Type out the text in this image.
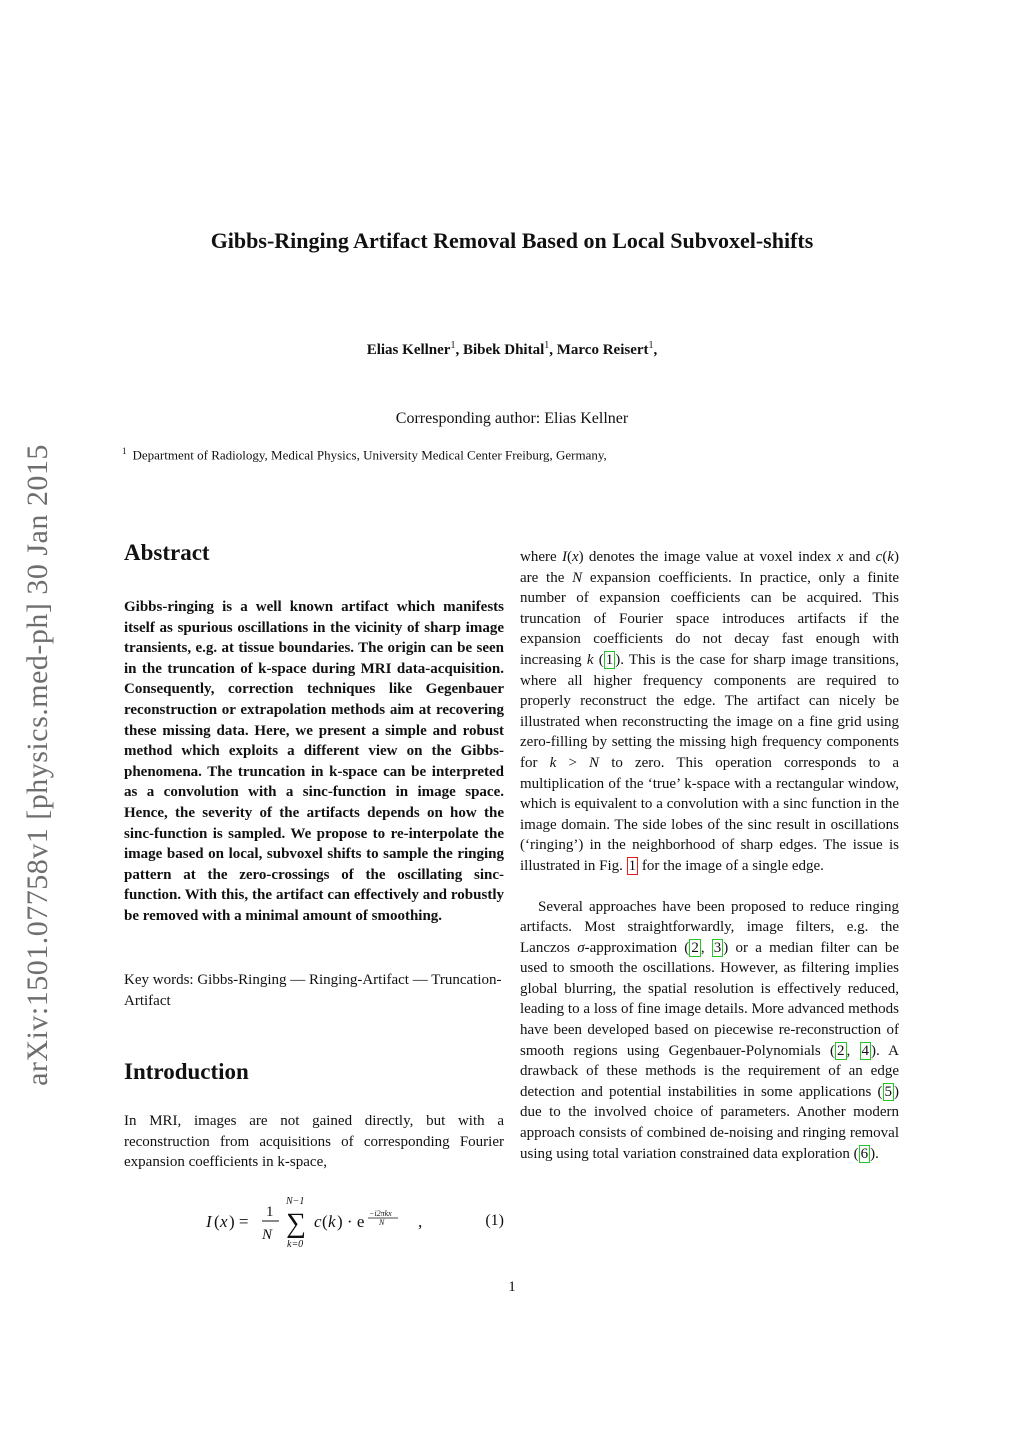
arXiv:1501.07758v1 [physics.med-ph] 30 Jan 2015
Gibbs-Ringing Artifact Removal Based on Local Subvoxel-shifts
Elias Kellner$^1$, Bibek Dhital$^1$, Marco Reisert$^1$,
Corresponding author: Elias Kellner
$^1$ Department of Radiology, Medical Physics, University Medical Center Freiburg, Germany,
Abstract
Gibbs-ringing is a well known artifact which manifests itself as spurious oscillations in the vicinity of sharp image transients, e.g. at tissue boundaries. The origin can be seen in the truncation of k-space during MRI data-acquisition. Consequently, correction techniques like Gegenbauer reconstruction or extrapolation methods aim at recovering these missing data. Here, we present a simple and robust method which exploits a different view on the Gibbs-phenomena. The truncation in k-space can be interpreted as a convolution with a sinc-function in image space. Hence, the severity of the artifacts depends on how the sinc-function is sampled. We propose to re-interpolate the image based on local, subvoxel shifts to sample the ringing pattern at the zero-crossings of the oscillating sinc-function. With this, the artifact can effectively and robustly be removed with a minimal amount of smoothing.
Key words: Gibbs-Ringing — Ringing-Artifact — Truncation-Artifact
Introduction
In MRI, images are not gained directly, but with a reconstruction from acquisitions of corresponding Fourier expansion coefficients in k-space,
I ( x ) = 1
N
N−1
∑
k=0
c ( k ) · e −i2πkx
N ,	(1)

where I(x) denotes the image value at voxel index x and c(k) are the N expansion coefficients. In practice, only a finite number of expansion coefficients can be acquired. This truncation of Fourier space introduces artifacts if the expansion coefficients do not decay fast enough with increasing k ( 1 ). This is the case for sharp image transitions, where all higher frequency components are required to properly reconstruct the edge. The artifact can nicely be illustrated when reconstructing the image on a fine grid using zero-filling by setting the missing high frequency components for k > N to zero. This operation corresponds to a multiplication of the ‘true’ k-space with a rectangular window, which is equivalent to a convolution with a sinc function in the image domain. The side lobes of the sinc result in oscillations (‘ringing’) in the neighborhood of sharp edges. The issue is illustrated in Fig. 1 for the image of a single edge.

Several approaches have been proposed to reduce ringing artifacts. Most straightforwardly, image filters, e.g. the Lanczos σ-approximation ( 2 , 3 ) or a median filter can be used to smooth the oscillations. However, as filtering implies global blurring, the spatial resolution is effectively reduced, leading to a loss of fine image details. More advanced methods have been developed based on piecewise re-reconstruction of smooth regions using Gegenbauer-Polynomials ( 2 , 4 ). A drawback of these methods is the requirement of an edge detection and potential instabilities in some applications ( 5 ) due to the involved choice of parameters. Another modern approach consists of combined de-noising and ringing removal using using total variation constrained data exploration ( 6 ).

1
